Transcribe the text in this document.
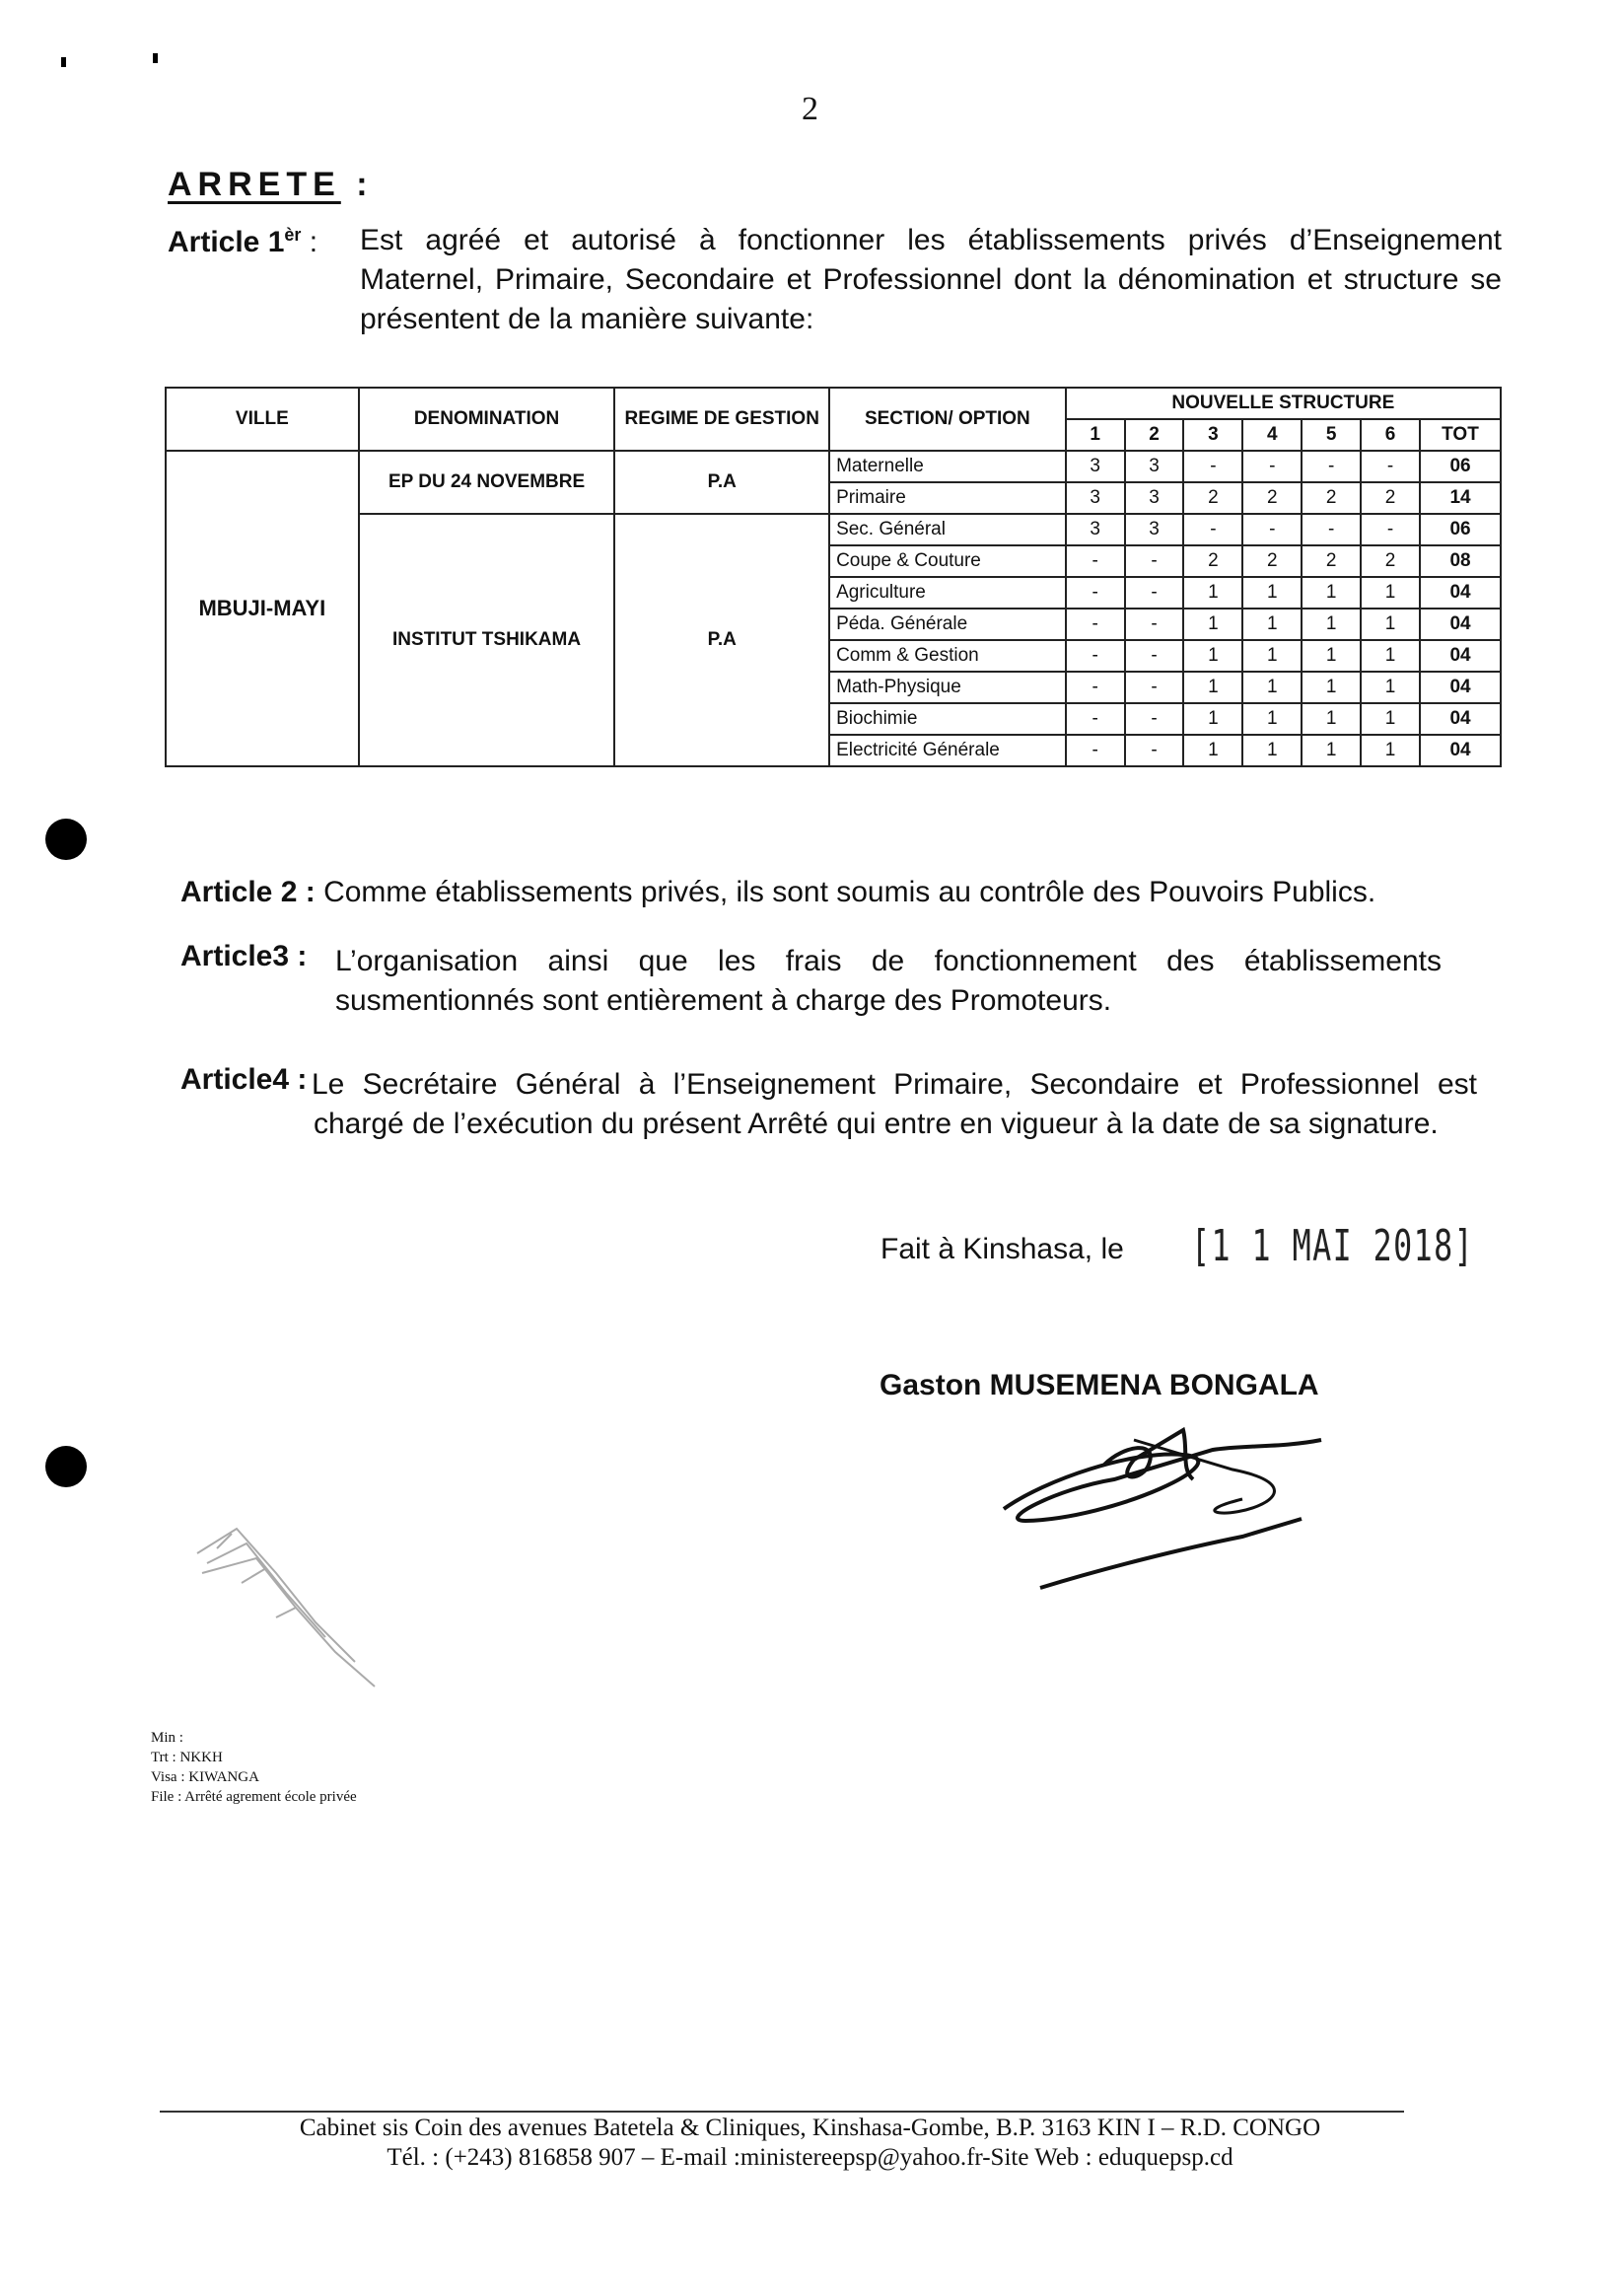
2
ARRETE :
Article $1^{èr}$ : Est agréé et autorisé à fonctionner les établissements privés d’Enseignement Maternel, Primaire, Secondaire et Professionnel dont la dénomination et structure se présentent de la manière suivante:
VILLE	DENOMINATION	REGIME DE GESTION	SECTION/ OPTION	NOUVELLE STRUCTURE						
				1	2	3	4	5	6	TOT
MBUJI-MAYI	EP DU 24 NOVEMBRE	P.A	Maternelle	3	3	-	-	-	-	06
			Primaire	3	3	2	2	2	2	14
	INSTITUT TSHIKAMA	P.A	Sec. Général	3	3	-	-	-	-	06
			Coupe & Couture	-	-	2	2	2	2	08
			Agriculture	-	-	1	1	1	1	04
			Péda. Générale	-	-	1	1	1	1	04
			Comm & Gestion	-	-	1	1	1	1	04
			Math-Physique	-	-	1	1	1	1	04
			Biochimie	-	-	1	1	1	1	04
			Electricité Générale	-	-	1	1	1	1	04
Article 2 : Comme établissements privés, ils sont soumis au contrôle des Pouvoirs Publics.
Article3 : L’organisation ainsi que les frais de fonctionnement des établissements susmentionnés sont entièrement à charge des Promoteurs.
Article4 : Le Secrétaire Général à l’Enseignement Primaire, Secondaire et Professionnel est chargé de l’exécution du présent Arrêté qui entre en vigueur à la date de sa signature.
Fait à Kinshasa, le [1 1 MAI 2018]
Gaston MUSEMENA BONGALA
Min :
Trt : NKKH
Visa : KIWANGA
File : Arrêté agrement école privée
Cabinet sis Coin des avenues Batetela & Cliniques, Kinshasa-Gombe, B.P. 3163 KIN I – R.D. CONGO
Tél. : (+243) 816858 907 – E-mail :ministereepsp@yahoo.fr-Site Web : eduquepsp.cd
